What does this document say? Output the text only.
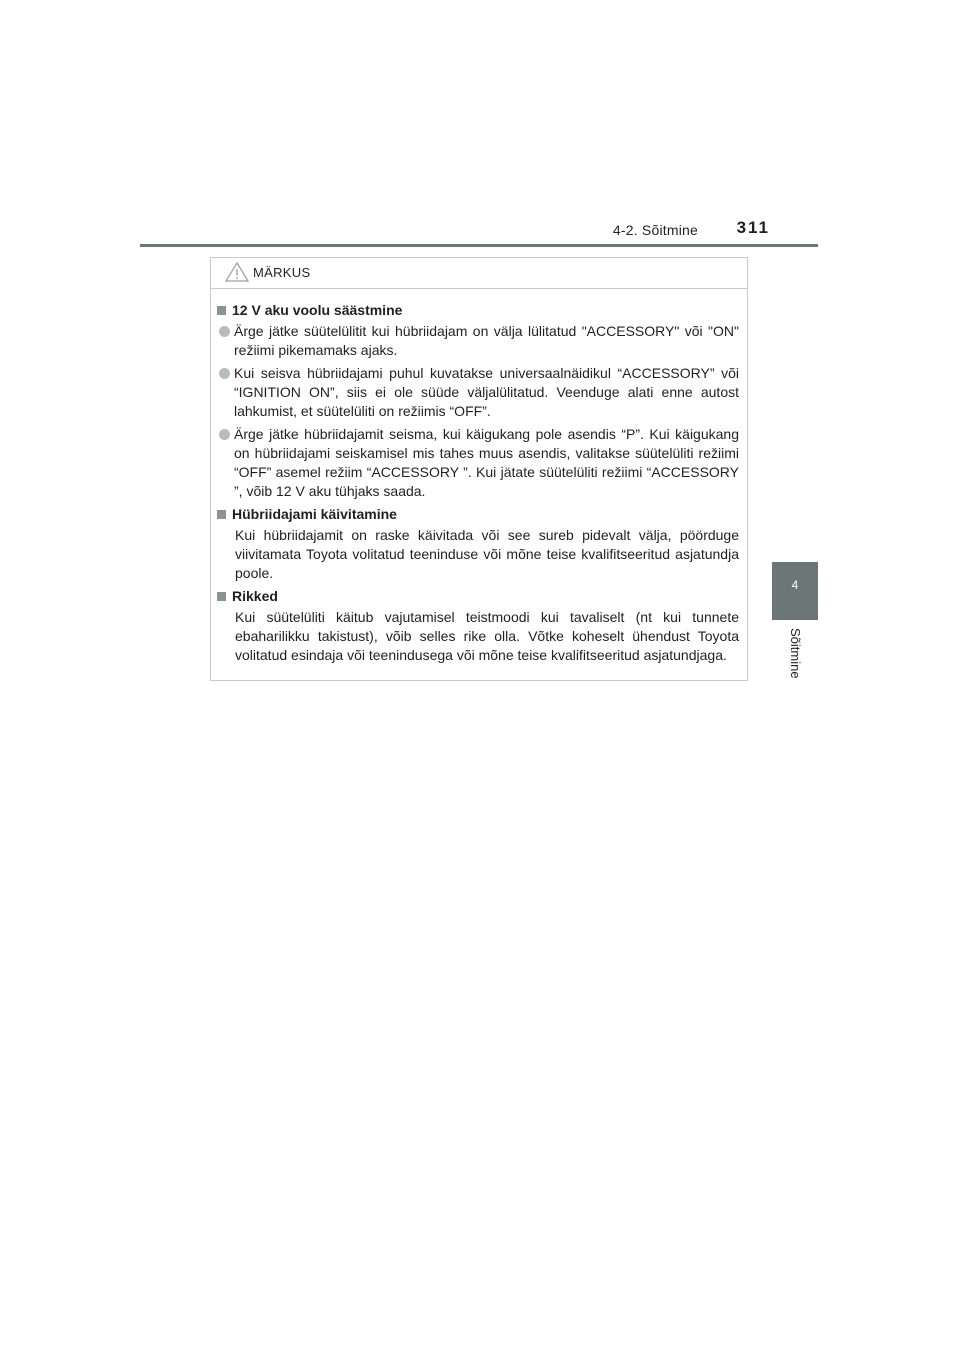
4-2. Sõitmine 311
4
Sõitmine
MÄRKUS
12 V aku voolu säästmine
Ärge jätke süütelülitit kui hübriidajam on välja lülitatud "ACCESSORY" või "ON" režiimi pikemamaks ajaks.
Kui seisva hübriidajami puhul kuvatakse universaalnäidikul “ACCESSORY” või “IGNITION ON”, siis ei ole süüde väljalülitatud. Veenduge alati enne autost lahkumist, et süütelüliti on režiimis “OFF”.
Ärge jätke hübriidajamit seisma, kui käigukang pole asendis “P”. Kui käigukang on hübriidajami seiskamisel mis tahes muus asendis, valitakse süütelüliti režiimi “OFF” asemel režiim “ACCESSORY ”. Kui jätate süütelüliti režiimi “ACCESSORY ”, võib 12 V aku tühjaks saada.
Hübriidajami käivitamine
Kui hübriidajamit on raske käivitada või see sureb pidevalt välja, pöörduge viivitamata Toyota volitatud teeninduse või mõne teise kvalifitseeritud asjatundja poole.
Rikked
Kui süütelüliti käitub vajutamisel teistmoodi kui tavaliselt (nt kui tunnete ebaharilikku takistust), võib selles rike olla. Võtke koheselt ühendust Toyota volitatud esindaja või teenindusega või mõne teise kvalifitseeritud asjatundjaga.
